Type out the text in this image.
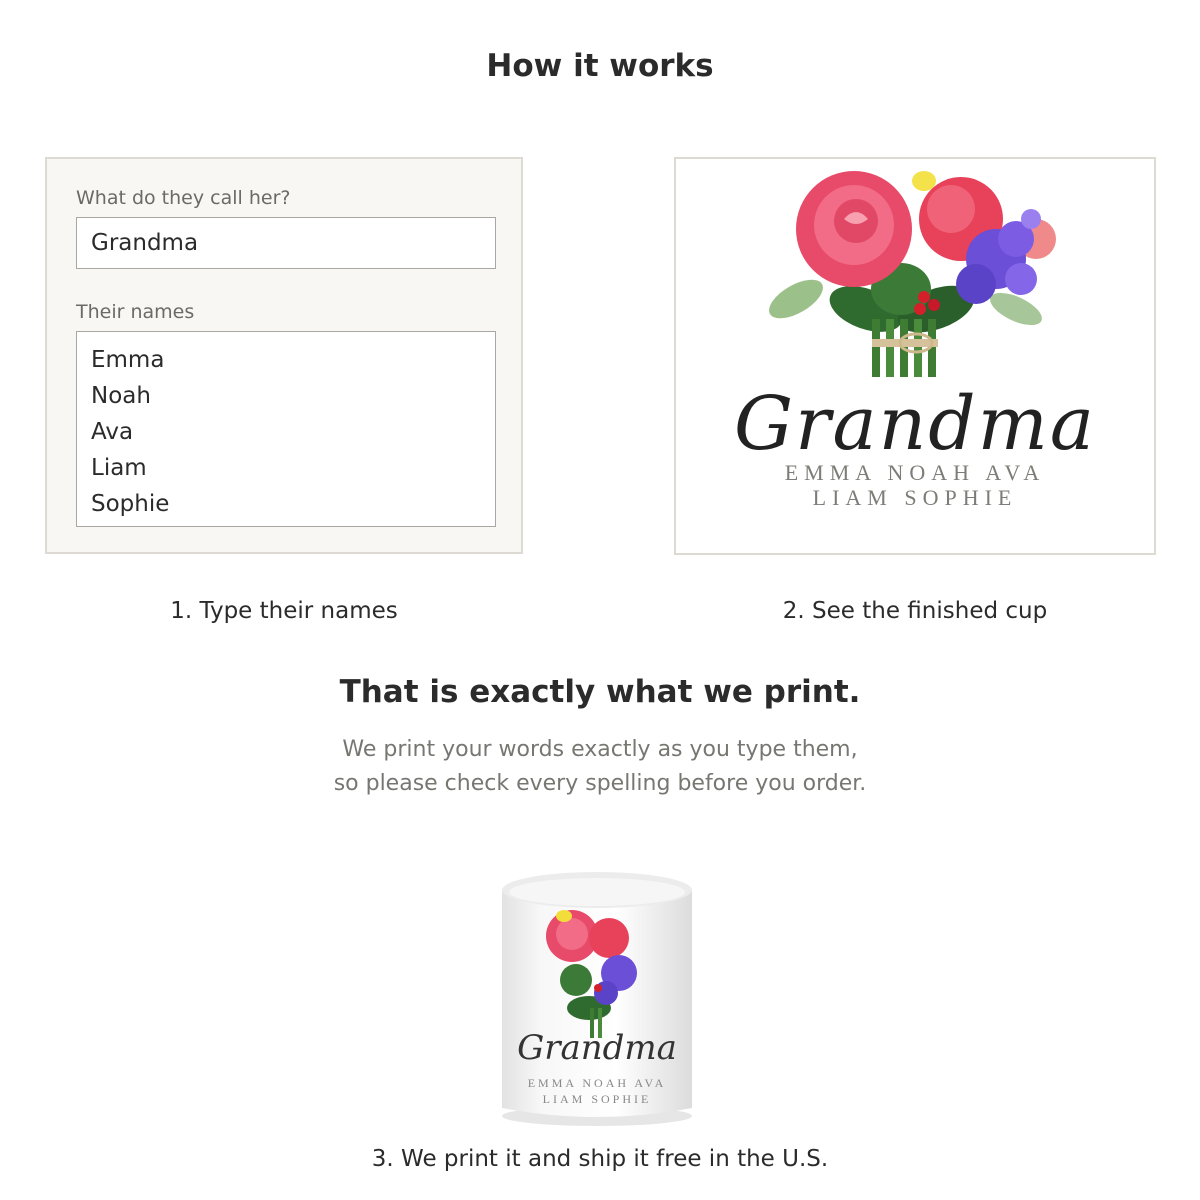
How it works
What do they call her?
Grandma
Their names
Emma
Noah
Ava
Liam
Sophie
Grandma
EMMA NOAH AVA
LIAM SOPHIE
1. Type their names	2. See the finished cup
That is exactly what we print.
We print your words exactly as you type them,
so please check every spelling before you order.
Grandma
EMMA NOAH AVA
LIAM SOPHIE
3. We print it and ship it free in the U.S.
